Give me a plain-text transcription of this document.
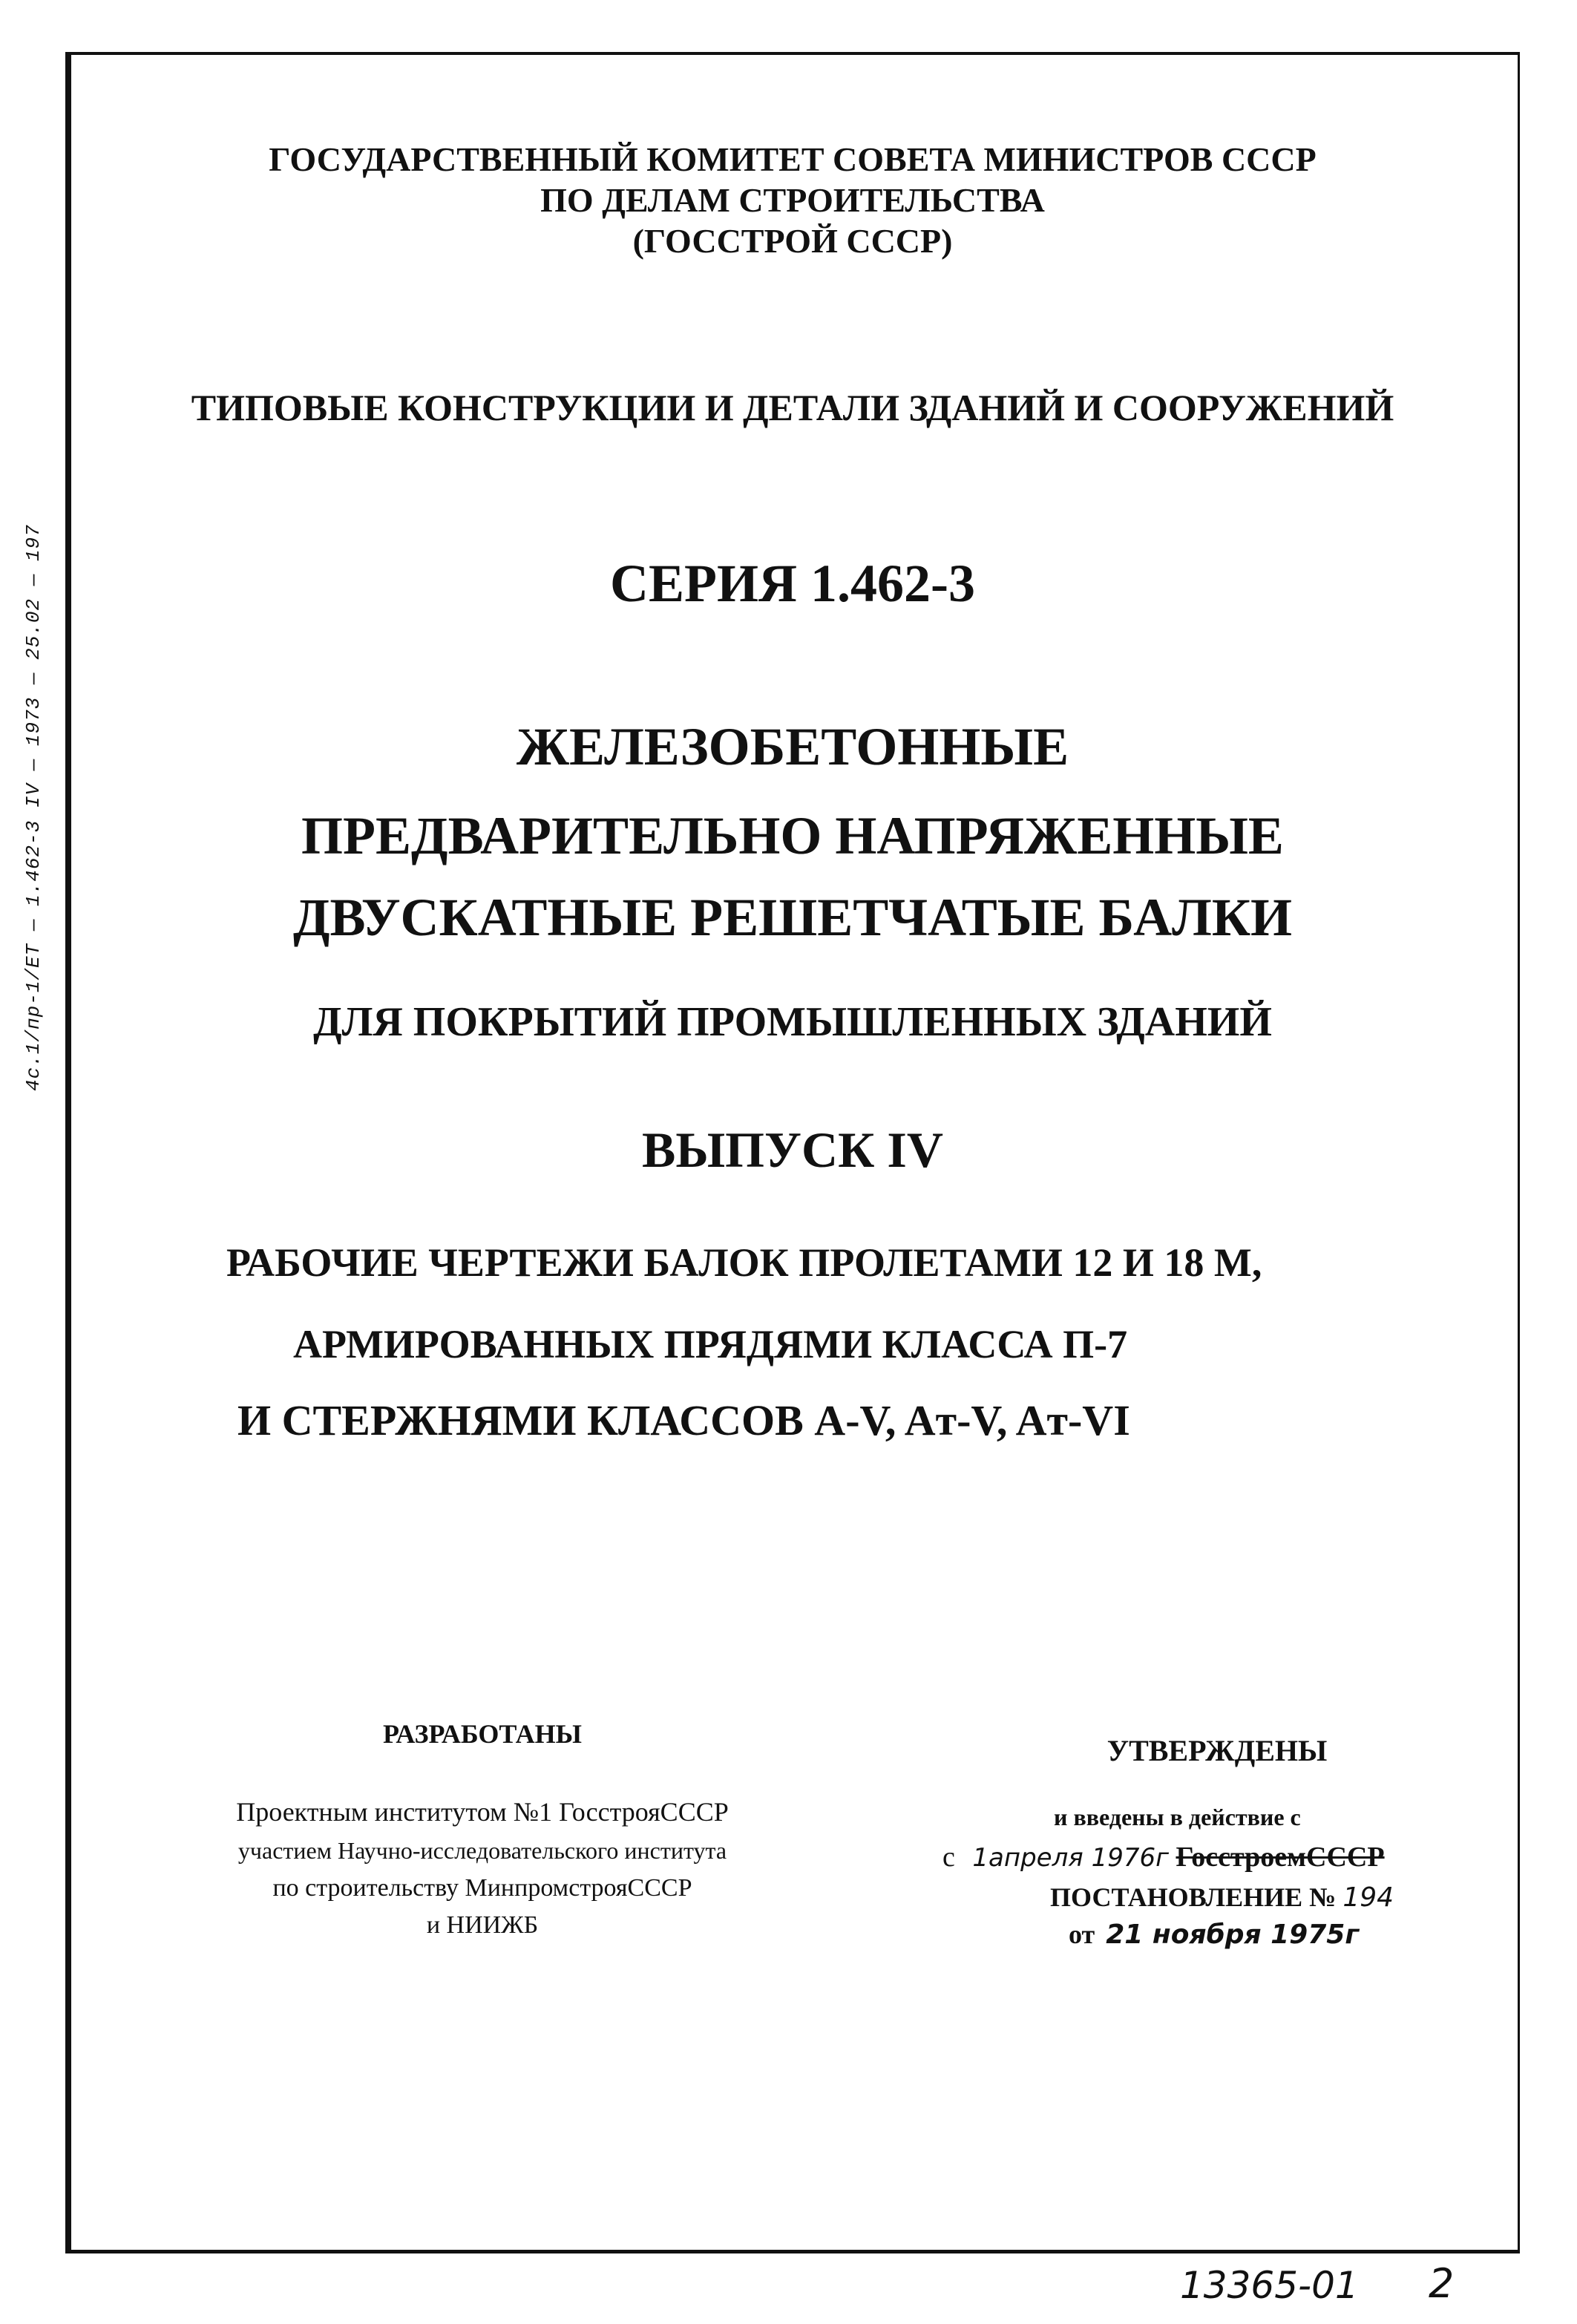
4с.1/пр-1/ЕТ — 1.462-3 IV — 1973 — 25.02 — 197
ГОСУДАРСТВЕННЫЙ КОМИТЕТ СОВЕТА МИНИСТРОВ СССР
ПО ДЕЛАМ СТРОИТЕЛЬСТВА
(ГОССТРОЙ СССР)
ТИПОВЫЕ КОНСТРУКЦИИ И ДЕТАЛИ ЗДАНИЙ И СООРУЖЕНИЙ
СЕРИЯ 1.462-3
ЖЕЛЕЗОБЕТОННЫЕ
ПРЕДВАРИТЕЛЬНО НАПРЯЖЕННЫЕ
ДВУСКАТНЫЕ РЕШЕТЧАТЫЕ БАЛКИ
ДЛЯ ПОКРЫТИЙ ПРОМЫШЛЕННЫХ ЗДАНИЙ
ВЫПУСК IV
РАБОЧИЕ ЧЕРТЕЖИ БАЛОК ПРОЛЕТАМИ 12 И 18 М,
АРМИРОВАННЫХ ПРЯДЯМИ КЛАССА П-7
И СТЕРЖНЯМИ КЛАССОВ A-V, Aт-V, Aт-VI
РАЗРАБОТАНЫ
Проектным институтом №1 ГосстрояСССР
участием Научно-исследовательского института
по строительству МинпромстрояСССР
и НИИЖБ
УТВЕРЖДЕНЫ
и введены в действие с
с 1апреля 1976г ГосстроемСССР
ПОСТАНОВЛЕНИЕ № 194
от 21 ноября 1975г
13365-01 2
